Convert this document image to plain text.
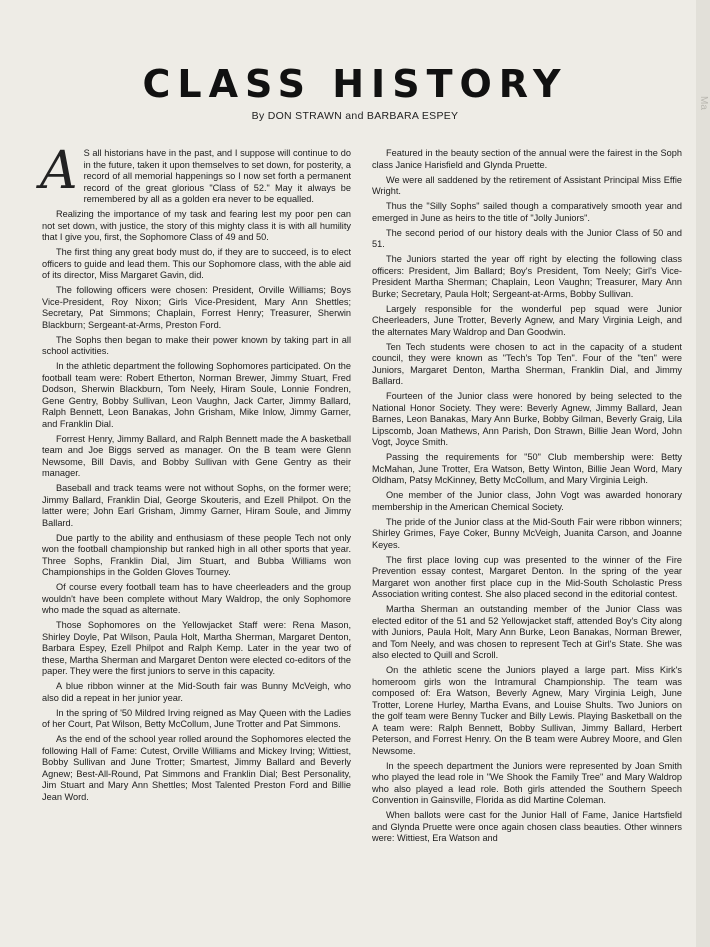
CLASS HISTORY
By DON STRAWN and BARBARA ESPEY

A S all historians have in the past, and I suppose will continue to do in the future, taken it upon themselves to set down, for posterity, a record of all memorial happenings so I now set forth a permanent record of the great glorious "Class of 52." May it always be remembered by all as a golden era never to be equalled.

Realizing the importance of my task and fearing lest my poor pen can not set down, with justice, the story of this mighty class it is with all humility that I give you, first, the Sophomore Class of 49 and 50.

The first thing any great body must do, if they are to succeed, is to elect officers to guide and lead them. This our Sophomore class, with the able aid of its director, Miss Margaret Gavin, did.

The following officers were chosen: President, Orville Williams; Boys Vice-President, Roy Nixon; Girls Vice-President, Mary Ann Shettles; Secretary, Pat Simmons; Chaplain, Forrest Henry; Treasurer, Sherwin Blackburn; Sergeant-at-Arms, Preston Ford.

The Sophs then began to make their power known by taking part in all school activities.

In the athletic department the following Sophomores participated. On the football team were: Robert Etherton, Norman Brewer, Jimmy Stuart, Fred Dodson, Sherwin Blackburn, Tom Neely, Hiram Soule, Lonnie Fondren, Gene Gentry, Bobby Sullivan, Leon Vaughn, Jack Carter, Jimmy Ballard, Ralph Bennett, Leon Banakas, John Grisham, Mike Inlow, Jimmy Garner, and Franklin Dial.

Forrest Henry, Jimmy Ballard, and Ralph Bennett made the A basketball team and Joe Biggs served as manager. On the B team were Glenn Newsome, Bill Davis, and Bobby Sullivan with Gene Gentry as their manager.

Baseball and track teams were not without Sophs, on the former were; Jimmy Ballard, Franklin Dial, George Skouteris, and Ezell Philpot. On the latter were; John Earl Grisham, Jimmy Garner, Hiram Soule, and Jimmy Ballard.

Due partly to the ability and enthusiasm of these people Tech not only won the football championship but ranked high in all other sports that year. Three Sophs, Franklin Dial, Jim Stuart, and Bubba Williams won Championships in the Golden Gloves Tourney.

Of course every football team has to have cheerleaders and the group wouldn't have been complete without Mary Waldrop, the only Sophomore who made the squad as alternate.

Those Sophomores on the Yellowjacket Staff were: Rena Mason, Shirley Doyle, Pat Wilson, Paula Holt, Martha Sherman, Margaret Denton, Barbara Espey, Ezell Philpot and Ralph Kemp. Later in the year two of these, Martha Sherman and Margaret Denton were elected co-editors of the paper. They were the first juniors to serve in this capacity.

A blue ribbon winner at the Mid-South fair was Bunny McVeigh, who also did a repeat in her junior year.

In the spring of '50 Mildred Irving reigned as May Queen with the Ladies of her Court, Pat Wilson, Betty McCollum, June Trotter and Pat Simmons.

As the end of the school year rolled around the Sophomores elected the following Hall of Fame: Cutest, Orville Williams and Mickey Irving; Wittiest, Bobby Sullivan and June Trotter; Smartest, Jimmy Ballard and Beverly Agnew; Best-All-Round, Pat Simmons and Franklin Dial; Best Personality, Jim Stuart and Mary Ann Shettles; Most Talented Preston Ford and Billie Jean Word.

Featured in the beauty section of the annual were the fairest in the Soph class Janice Harisfield and Glynda Pruette.

We were all saddened by the retirement of Assistant Principal Miss Effie Wright.

Thus the "Silly Sophs" sailed though a comparatively smooth year and emerged in June as heirs to the title of "Jolly Juniors".

The second period of our history deals with the Junior Class of 50 and 51.

The Juniors started the year off right by electing the following class officers: President, Jim Ballard; Boy's President, Tom Neely; Girl's Vice-President Martha Sherman; Chaplain, Leon Vaughn; Treasurer, Mary Ann Burke; Secretary, Paula Holt; Sergeant-at-Arms, Bobby Sullivan.

Largely responsible for the wonderful pep squad were Junior Cheerleaders, June Trotter, Beverly Agnew, and Mary Virginia Leigh, and the alternates Mary Waldrop and Dan Goodwin.

Ten Tech students were chosen to act in the capacity of a student council, they were known as "Tech's Top Ten". Four of the "ten" were Juniors, Margaret Denton, Martha Sherman, Franklin Dial, and Jimmy Ballard.

Fourteen of the Junior class were honored by being selected to the National Honor Society. They were: Beverly Agnew, Jimmy Ballard, Jean Barnes, Leon Banakas, Mary Ann Burke, Bobby Gilman, Beverly Graig, Lila Lipscomb, Joan Mathews, Ann Parish, Don Strawn, Billie Jean Word, John Vogt, Joyce Smith.

Passing the requirements for "50" Club membership were: Betty McMahan, June Trotter, Era Watson, Betty Winton, Billie Jean Word, Mary Oldham, Patsy McKinney, Betty McCollum, and Mary Virginia Leigh.

One member of the Junior class, John Vogt was awarded honorary membership in the American Chemical Society.

The pride of the Junior class at the Mid-South Fair were ribbon winners; Shirley Grimes, Faye Coker, Bunny McVeigh, Juanita Carson, and Joanne Keyes.

The first place loving cup was presented to the winner of the Fire Prevention essay contest, Margaret Denton. In the spring of the year Margaret won another first place cup in the Mid-South Scholastic Press Association writing contest. She also placed second in the editorial contest.

Martha Sherman an outstanding member of the Junior Class was elected editor of the 51 and 52 Yellowjacket staff, attended Boy's City along with Juniors, Paula Holt, Mary Ann Burke, Leon Banakas, Norman Brewer, and Tom Neely, and was chosen to represent Tech at Girl's State. She was also elected to Quill and Scroll.

On the athletic scene the Juniors played a large part. Miss Kirk's homeroom girls won the Intramural Championship. The team was composed of: Era Watson, Beverly Agnew, Mary Virginia Leigh, June Trotter, Lorene Hurley, Martha Evans, and Louise Shults. Two Juniors on the golf team were Benny Tucker and Billy Lewis. Playing Basketball on the A team were: Ralph Bennett, Bobby Sullivan, Jimmy Ballard, Herbert Peterson, and Forrest Henry. On the B team were Aubrey Moore, and Glen Newsome.

In the speech department the Juniors were represented by Joan Smith who played the lead role in "We Shook the Family Tree" and Mary Waldrop who also played a lead role. Both girls attended the Southern Speech Convention in Gainsville, Florida as did Martine Coleman.

When ballots were cast for the Junior Hall of Fame, Janice Hartsfield and Glynda Pruette were once again chosen class beauties. Other winners were: Wittiest, Era Watson and

Ma
